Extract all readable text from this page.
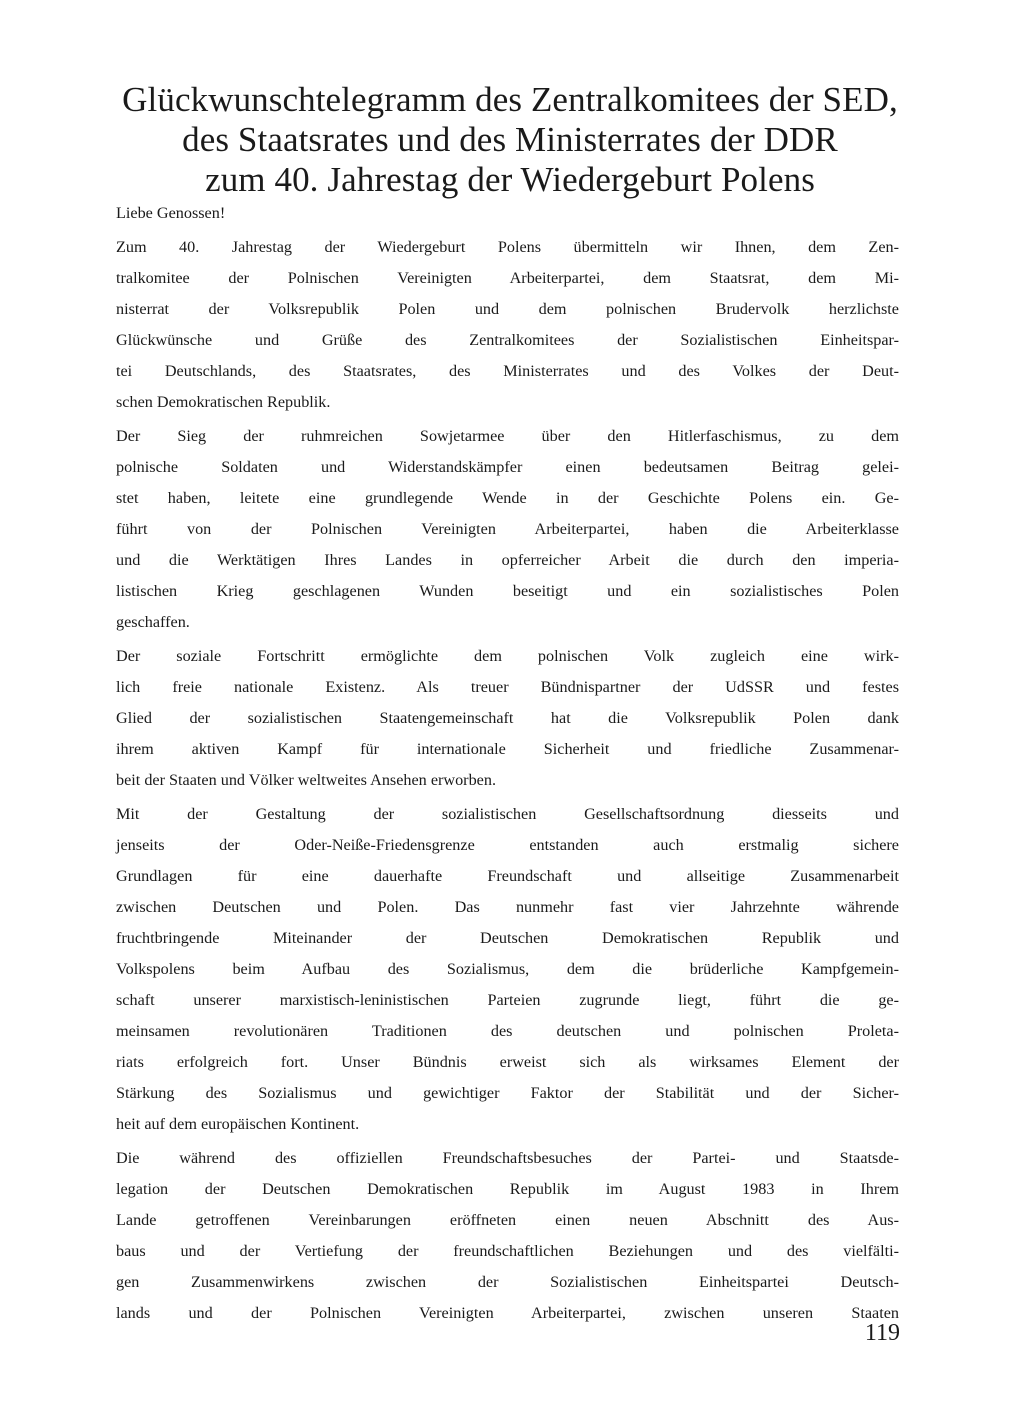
Glückwunschtelegramm des Zentralkomitees der SED,
des Staatsrates und des Ministerrates der DDR
zum 40. Jahrestag der Wiedergeburt Polens

Liebe Genossen!

Zum 40. Jahrestag der Wiedergeburt Polens übermitteln wir Ihnen, dem Zen-
tralkomitee der Polnischen Vereinigten Arbeiterpartei, dem Staatsrat, dem Mi-
nisterrat der Volksrepublik Polen und dem polnischen Brudervolk herzlichste
Glückwünsche und Grüße des Zentralkomitees der Sozialistischen Einheitspar-
tei Deutschlands, des Staatsrates, des Ministerrates und des Volkes der Deut-
schen Demokratischen Republik.

Der Sieg der ruhmreichen Sowjetarmee über den Hitlerfaschismus, zu dem
polnische Soldaten und Widerstandskämpfer einen bedeutsamen Beitrag gelei-
stet haben, leitete eine grundlegende Wende in der Geschichte Polens ein. Ge-
führt von der Polnischen Vereinigten Arbeiterpartei, haben die Arbeiterklasse
und die Werktätigen Ihres Landes in opferreicher Arbeit die durch den imperia-
listischen Krieg geschlagenen Wunden beseitigt und ein sozialistisches Polen
geschaffen.

Der soziale Fortschritt ermöglichte dem polnischen Volk zugleich eine wirk-
lich freie nationale Existenz. Als treuer Bündnispartner der UdSSR und festes
Glied der sozialistischen Staatengemeinschaft hat die Volksrepublik Polen dank
ihrem aktiven Kampf für internationale Sicherheit und friedliche Zusammenar-
beit der Staaten und Völker weltweites Ansehen erworben.

Mit der Gestaltung der sozialistischen Gesellschaftsordnung diesseits und
jenseits der Oder-Neiße-Friedensgrenze entstanden auch erstmalig sichere
Grundlagen für eine dauerhafte Freundschaft und allseitige Zusammenarbeit
zwischen Deutschen und Polen. Das nunmehr fast vier Jahrzehnte währende
fruchtbringende Miteinander der Deutschen Demokratischen Republik und
Volkspolens beim Aufbau des Sozialismus, dem die brüderliche Kampfgemein-
schaft unserer marxistisch-leninistischen Parteien zugrunde liegt, führt die ge-
meinsamen revolutionären Traditionen des deutschen und polnischen Proleta-
riats erfolgreich fort. Unser Bündnis erweist sich als wirksames Element der
Stärkung des Sozialismus und gewichtiger Faktor der Stabilität und der Sicher-
heit auf dem europäischen Kontinent.

Die während des offiziellen Freundschaftsbesuches der Partei- und Staatsde-
legation der Deutschen Demokratischen Republik im August 1983 in Ihrem
Lande getroffenen Vereinbarungen eröffneten einen neuen Abschnitt des Aus-
baus und der Vertiefung der freundschaftlichen Beziehungen und des vielfälti-
gen Zusammenwirkens zwischen der Sozialistischen Einheitspartei Deutsch-
lands und der Polnischen Vereinigten Arbeiterpartei, zwischen unseren Staaten

119
